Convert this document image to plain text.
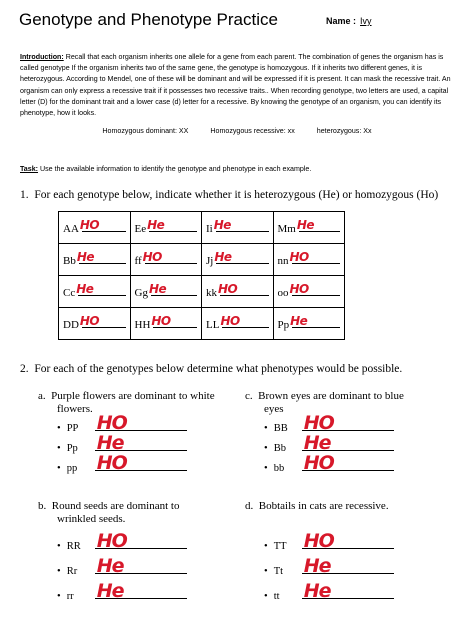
Genotype and Phenotype Practice	Name : Ivy
Introduction: Recall that each organism inherits one allele for a gene from each parent. The combination of genes the organism has is called genotype If the organism inherits two of the same gene, the genotype is homozygous. If it inherits two different genes, it is heterozygous. According to Mendel, one of these will be dominant and will be expressed if it is present. It can mask the recessive trait. An organism can only express a recessive trait if it possesses two recessive traits.. When recording genotype, two letters are used, a capital letter (D) for the dominant trait and a lower case (d) letter for a recessive. By knowing the genotype of an organism, you can identify its phenotype, how it looks.
Homozygous dominant: XX	Homozygous recessive: xx	heterozygous: Xx
Task: Use the available information to identify the genotype and phenotype in each example.
1. For each genotype below, indicate whether it is heterozygous (He) or homozygous (Ho)
AA HO	Ee He	Ii He	Mm He

Bb He	ff HO	Jj He	nn HO

Cc He	Gg He	kk HO	oo HO

DD HO	HH HO	LL HO	Pp He
2. For each of the genotypes below determine what phenotypes would be possible.
a. Purple flowers are dominant to white
flowers.
• PP HO
• Pp He
• pp	HO
c. Brown eyes are dominant to blue
eyes
• BB HO
• Bb He
• bb	HO
b. Round seeds are dominant to
wrinkled seeds.
• RR HO
• Rr	He
• rr	He
d. Bobtails in cats are recessive.
• TT HO
• Tt	He
• tt	He
